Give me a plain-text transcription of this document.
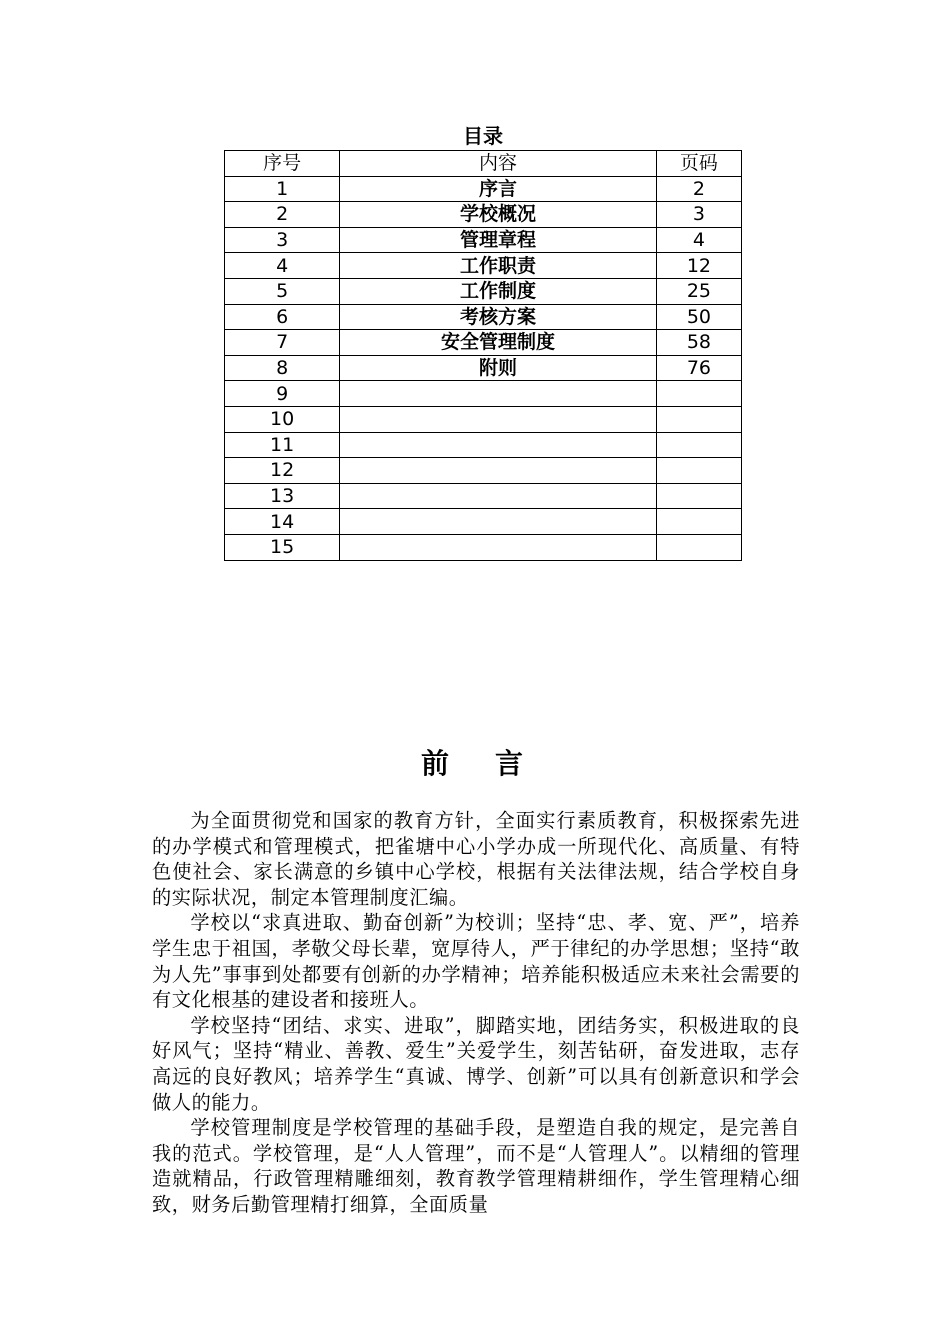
目录
序号	内容	页码
1	序言	2
2	学校概况	3
3	管理章程	4
4	工作职责	12
5	工作制度	25
6	考核方案	50
7	安全管理制度	58
8	附则	76
9		
10		
11		
12		
13		
14		
15		
前言

为全面贯彻党和国家的教育方针，全面实行素质教育，积极探索先进的办学模式和管理模式，把雀塘中心小学办成一所现代化、高质量、有特色使社会、家长满意的乡镇中心学校，根据有关法律法规，结合学校自身的实际状况，制定本管理制度汇编。

学校以“求真进取、勤奋创新”为校训；坚持“忠、孝、宽、严”，培养学生忠于祖国，孝敬父母长辈，宽厚待人，严于律纪的办学思想；坚持“敢为人先”事事到处都要有创新的办学精神；培养能积极适应未来社会需要的有文化根基的建设者和接班人。

学校坚持“团结、求实、进取”，脚踏实地，团结务实，积极进取的良好风气；坚持“精业、善教、爱生”关爱学生，刻苦钻研，奋发进取，志存高远的良好教风；培养学生“真诚、博学、创新”可以具有创新意识和学会做人的能力。

学校管理制度是学校管理的基础手段，是塑造自我的规定，是完善自我的范式。学校管理，是“人人管理”，而不是“人管理人”。以精细的管理造就精品，行政管理精雕细刻，教育教学管理精耕细作，学生管理精心细致，财务后勤管理精打细算，全面质量
